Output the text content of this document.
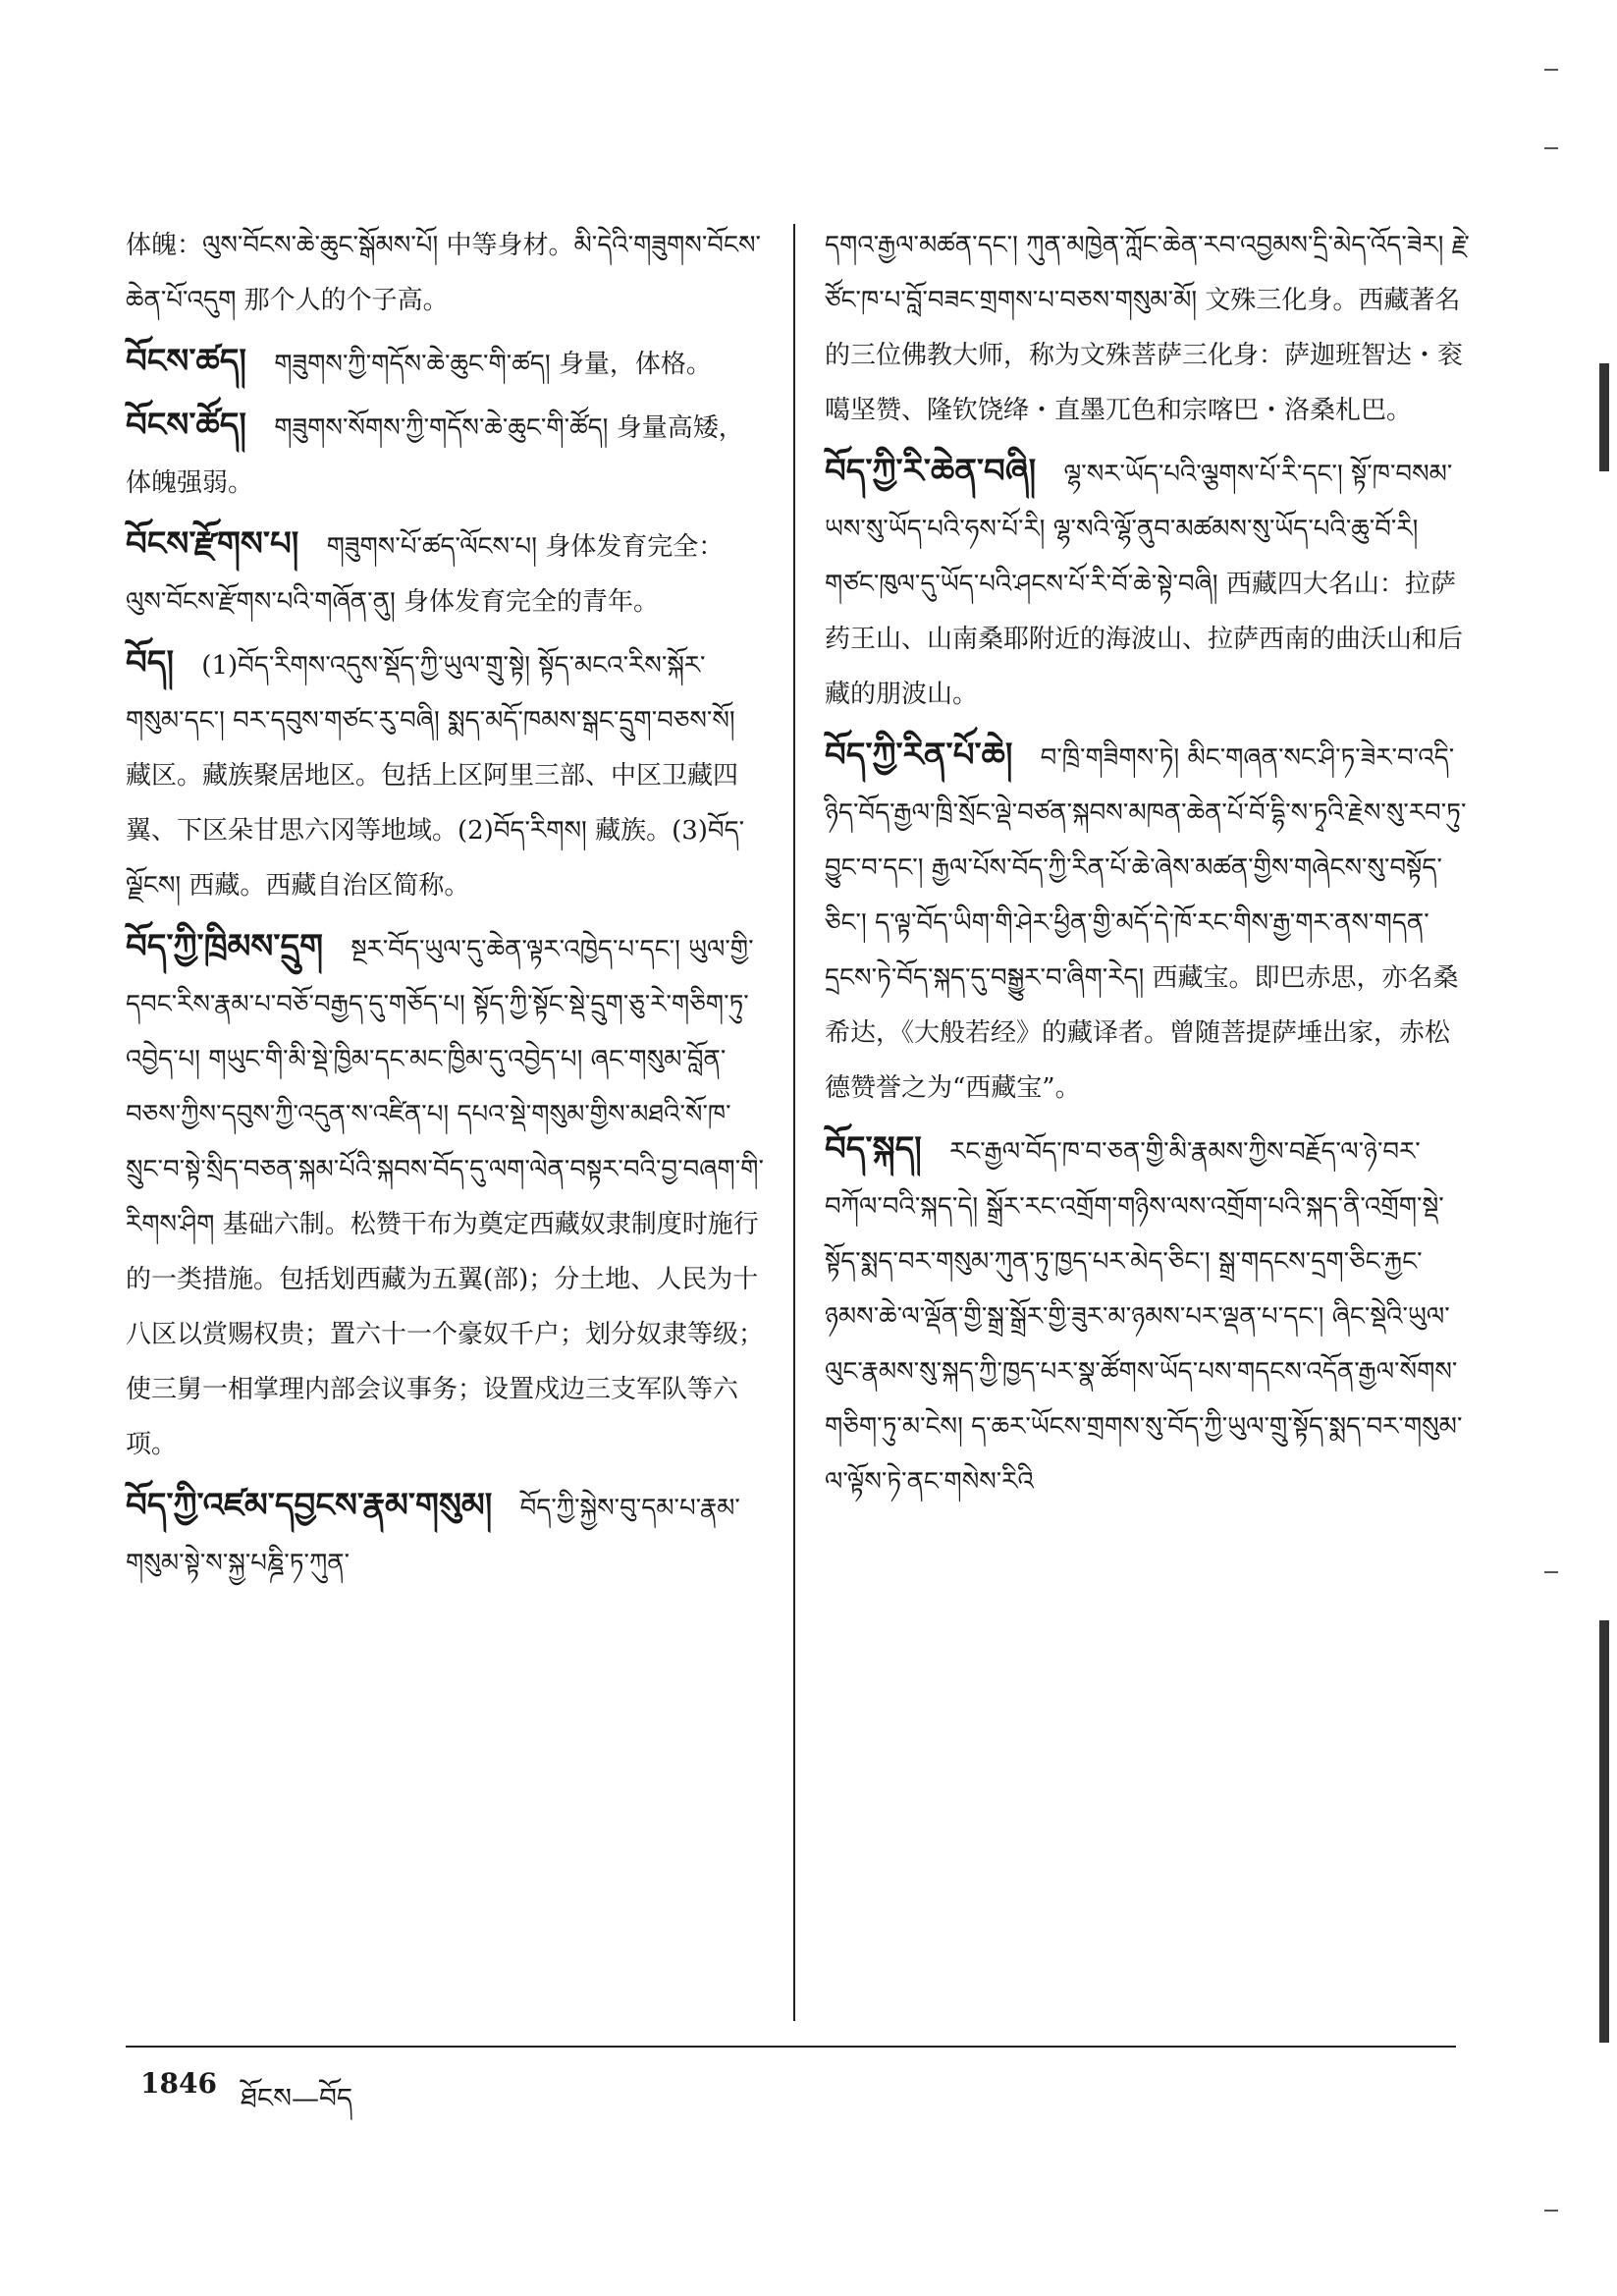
体魄：ལུས་བོངས་ཆེ་ཆུང་སྒོམས་པོ། 中等身材。མི་དེའི་གཟུགས་བོངས་ཆེན་པོ་འདུག 那个人的个子高。
བོངས་ཚད། གཟུགས་ཀྱི་གདོས་ཆེ་ཆུང་གི་ཚད། 身量，体格。
བོངས་ཚོད། གཟུགས་སོགས་ཀྱི་གདོས་ཆེ་ཆུང་གི་ཚོད། 身量高矮，体魄强弱。
བོངས་རྫོགས་པ། གཟུགས་པོ་ཚད་ལོངས་པ། 身体发育完全：ལུས་བོངས་རྫོགས་པའི་གཞོན་ནུ། 身体发育完全的青年。
བོད། (1)བོད་རིགས་འདུས་སྡོད་ཀྱི་ཡུལ་གྲུ་སྟེ། སྟོད་མངའ་རིས་སྐོར་གསུམ་དང་། བར་དབུས་གཙང་རུ་བཞི། སྨད་མདོ་ཁམས་སྒང་དྲུག་བཅས་སོ། 藏区。藏族聚居地区。包括上区阿里三部、中区卫藏四翼、下区朵甘思六冈等地域。(2)བོད་རིགས། 藏族。(3)བོད་ལྗོངས། 西藏。西藏自治区简称。
བོད་ཀྱི་ཁྲིམས་དྲུག སྔར་བོད་ཡུལ་དུ་ཆེན་ལྟར་འཁྱེད་པ་དང་། ཡུལ་གྱི་དབང་རིས་རྣམ་པ་བཅོ་བརྒྱད་དུ་གཅོད་པ། སྟོད་ཀྱི་སྟོང་སྡེ་དྲུག་ཅུ་རེ་གཅིག་ཏུ་འབྱེད་པ། གཡུང་གི་མི་སྡེ་ཁྱིམ་དང་མང་ཁྱིམ་དུ་འབྱེད་པ། ཞང་གསུམ་བློན་བཅས་ཀྱིས་དབུས་ཀྱི་འདུན་ས་འཛིན་པ། དཔའ་སྡེ་གསུམ་གྱིས་མཐའི་སོ་ཁ་སྲུང་བ་སྟེ་སྲིད་བཅན་སྐམ་པོའི་སྐབས་བོད་དུ་ལག་ལེན་བསྟར་བའི་བྱ་བཞག་གི་རིགས་ཤིག 基础六制。松赞干布为奠定西藏奴隶制度时施行的一类措施。包括划西藏为五翼(部)；分土地、人民为十八区以赏赐权贵；置六十一个豪奴千户；划分奴隶等级；使三舅一相掌理内部会议事务；设置戍边三支军队等六项。
བོད་ཀྱི་འཛམ་དབྱངས་རྣམ་གསུམ། བོད་ཀྱི་སྐྱེས་བུ་དམ་པ་རྣམ་གསུམ་སྟེ་ས་སྐྱ་པཎྜི་ཏ་ཀུན་
དགའ་རྒྱལ་མཚན་དང་། ཀུན་མཁྱེན་ཀློང་ཆེན་རབ་འབྱམས་དྲི་མེད་འོད་ཟེར། རྗེ་ཙོང་ཁ་པ་བློ་བཟང་གྲགས་པ་བཅས་གསུམ་མོ། 文殊三化身。西藏著名的三位佛教大师，称为文殊菩萨三化身：萨迦班智达・衮噶坚赞、隆钦饶绛・直墨兀色和宗喀巴・洛桑札巴。
བོད་ཀྱི་རི་ཆེན་བཞི། ལྷ་སར་ཡོད་པའི་ལྕགས་པོ་རི་དང་། སྟོ་ཁ་བསམ་ཡས་སུ་ཡོད་པའི་ཧས་པོ་རི། ལྷ་སའི་ལྷོ་ནུབ་མཚམས་སུ་ཡོད་པའི་ཆུ་བོ་རི། གཙང་ཁུལ་དུ་ཡོད་པའི་ཤངས་པོ་རི་བོ་ཆེ་སྟེ་བཞི། 西藏四大名山：拉萨药王山、山南桑耶附近的海波山、拉萨西南的曲沃山和后藏的朋波山。
བོད་ཀྱི་རིན་པོ་ཆེ། བ་ཁྲི་གཟིགས་ཏེ། མིང་གཞན་སང་ཤི་ཏ་ཟེར་བ་འདི་ཉིད་བོད་རྒྱལ་ཁྲི་སྲོང་ལྡེ་བཙན་སྐབས་མཁན་ཆེན་པོ་བོ་དྷི་ས་ཏྭའི་རྗེས་སུ་རབ་ཏུ་བྱུང་བ་དང་། རྒྱལ་པོས་བོད་ཀྱི་རིན་པོ་ཆེ་ཞེས་མཚན་གྱིས་གཞེངས་སུ་བསྟོད་ཅིང་། ད་ལྟ་བོད་ཡིག་གི་ཤེར་ཕྱིན་གྱི་མདོ་དེ་ཁོ་རང་གིས་རྒྱ་གར་ནས་གདན་དྲངས་ཏེ་བོད་སྐད་དུ་བསྒྱུར་བ་ཞིག་རེད། 西藏宝。即巴赤思，亦名桑希达，《大般若经》的藏译者。曾随菩提萨埵出家，赤松德赞誉之为“西藏宝”。
བོད་སྐད། རང་རྒྱལ་བོད་ཁ་བ་ཅན་གྱི་མི་རྣམས་ཀྱིས་བརྗོད་ལ་ཉེ་བར་བཀོལ་བའི་སྐད་དེ། སྒྲོར་རང་འགྲོག་གཉིས་ལས་འགྲོག་པའི་སྐད་ནི་འགྲོག་སྡེ་སྟོད་སྨད་བར་གསུམ་ཀུན་ཏུ་ཁྱད་པར་མེད་ཅིང་། སྒྲ་གདངས་དྲག་ཅིང་རྐྱང་ཉམས་ཆེ་ལ་ལྡོན་གྱི་སྒྲ་སྒྲོར་གྱི་ཟུར་མ་ཉམས་པར་ལྡན་པ་དང་། ཞིང་སྡེའི་ཡུལ་ལུང་རྣམས་སུ་སྐད་ཀྱི་ཁྱད་པར་སྣ་ཚོགས་ཡོད་པས་གདངས་འདོན་རྒྱལ་སོགས་གཅིག་ཏུ་མ་ངེས། ད་ཆར་ཡོངས་གྲགས་སུ་བོད་ཀྱི་ཡུལ་གྲུ་སྟོད་སྨད་བར་གསུམ་ལ་ལྟོས་ཏེ་ནང་གསེས་རིའི
1846 ཐོངས—བོད
